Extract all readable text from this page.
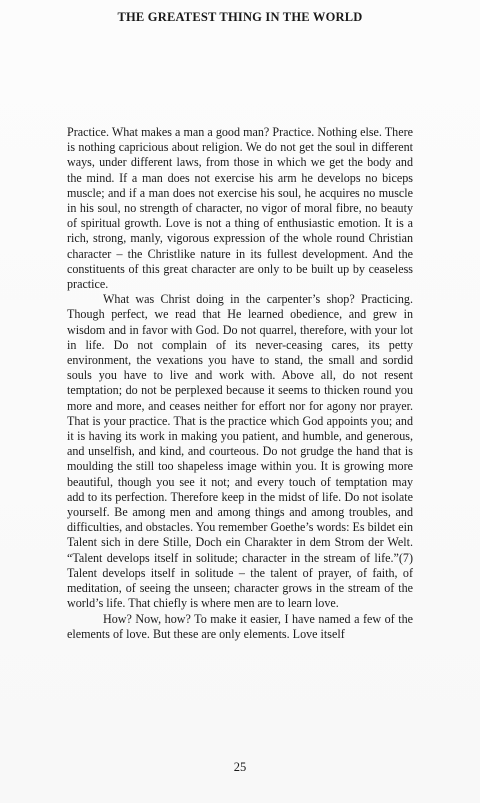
THE GREATEST THING IN THE WORLD

Practice. What makes a man a good man? Practice. Nothing else. There is nothing capricious about religion. We do not get the soul in different ways, under different laws, from those in which we get the body and the mind. If a man does not exercise his arm he develops no biceps muscle; and if a man does not exercise his soul, he acquires no muscle in his soul, no strength of character, no vigor of moral fibre, no beauty of spiritual growth. Love is not a thing of enthusiastic emotion. It is a rich, strong, manly, vigorous expression of the whole round Christian character – the Christlike nature in its fullest development. And the constituents of this great character are only to be built up by ceaseless practice.

What was Christ doing in the carpenter’s shop? Practicing. Though perfect, we read that He learned obedience, and grew in wisdom and in favor with God. Do not quarrel, therefore, with your lot in life. Do not complain of its never-ceasing cares, its petty environment, the vexations you have to stand, the small and sordid souls you have to live and work with. Above all, do not resent temptation; do not be perplexed because it seems to thicken round you more and more, and ceases neither for effort nor for agony nor prayer. That is your practice. That is the practice which God appoints you; and it is having its work in making you patient, and humble, and generous, and unselfish, and kind, and courteous. Do not grudge the hand that is moulding the still too shapeless image within you. It is growing more beautiful, though you see it not; and every touch of temptation may add to its perfection. Therefore keep in the midst of life. Do not isolate yourself. Be among men and among things and among troubles, and difficulties, and obstacles. You remember Goethe’s words: Es bildet ein Talent sich in dere Stille, Doch ein Charakter in dem Strom der Welt. “Talent develops itself in solitude; character in the stream of life.”(7) Talent develops itself in solitude – the talent of prayer, of faith, of meditation, of seeing the unseen; character grows in the stream of the world’s life. That chiefly is where men are to learn love.

How? Now, how? To make it easier, I have named a few of the elements of love. But these are only elements. Love itself

25
